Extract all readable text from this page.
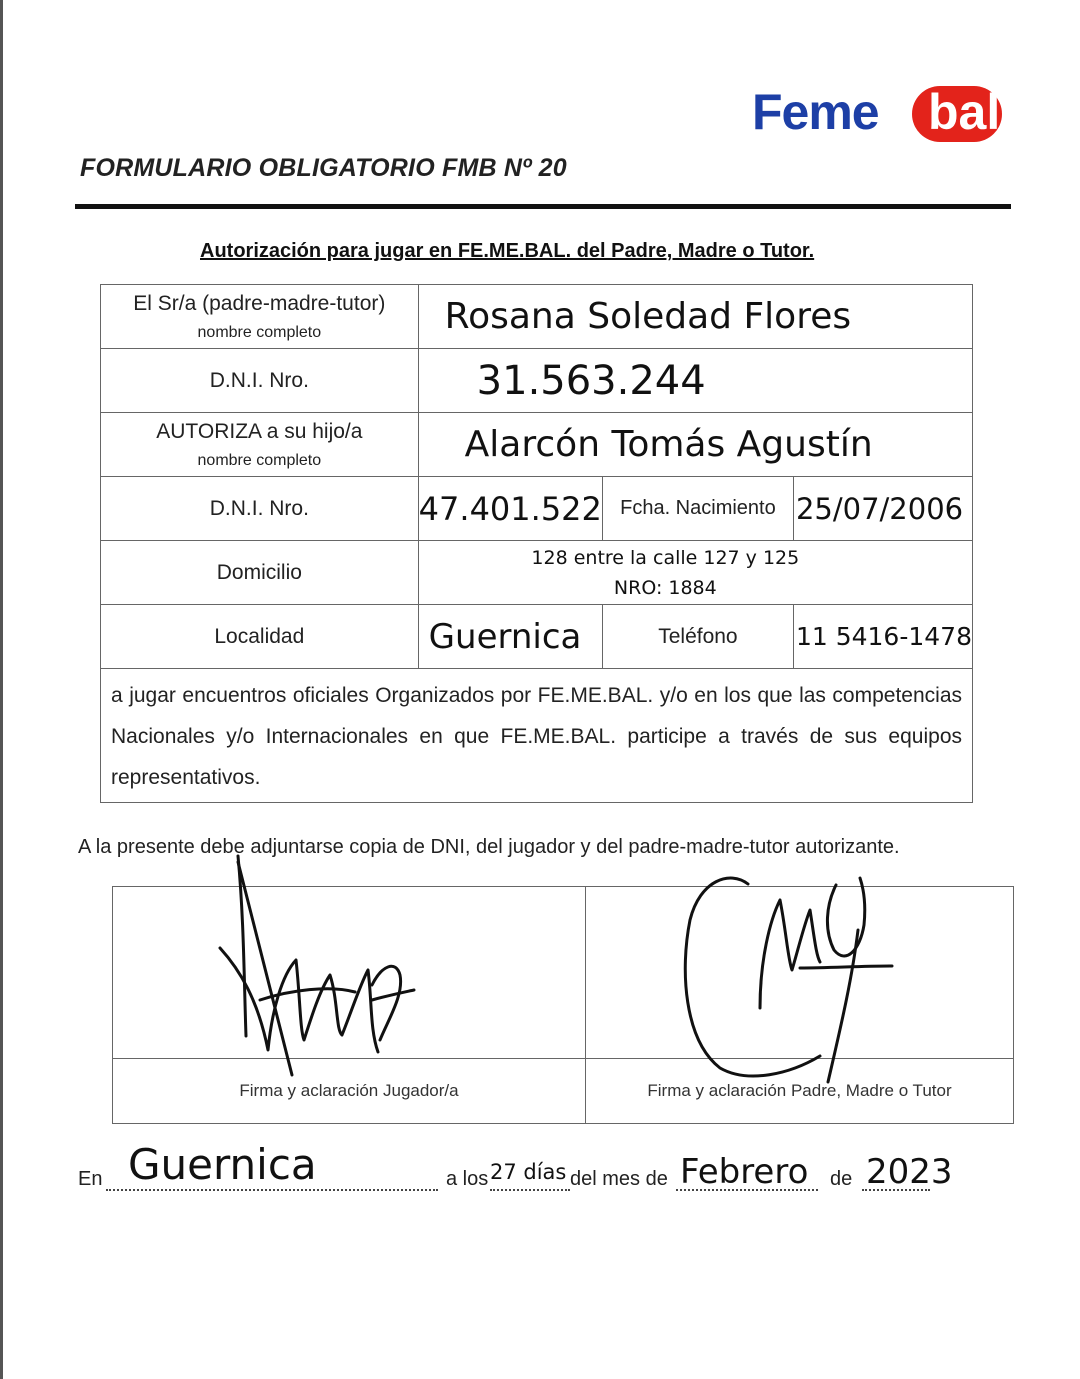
Feme bal
FORMULARIO OBLIGATORIO FMB Nº 20
Autorización para jugar en FE.ME.BAL. del Padre, Madre o Tutor.
El Sr/a (padre-madre-tutor)
nombre completo	Rosana Soledad Flores		
D.N.I. Nro.	31.563.244		
AUTORIZA a su hijo/a
nombre completo	Alarcón Tomás Agustín		
D.N.I. Nro.	47.401.522	Fcha. Nacimiento	25/07/2006
Domicilio	128 entre la calle 127 y 125
NRO: 1884		

Localidad	Guernica	Teléfono	11 5416-1478
a jugar encuentros oficiales Organizados por FE.ME.BAL. y/o en los que las competencias Nacionales y/o Internacionales en que FE.ME.BAL. participe a través de sus equipos representativos.			
A la presente debe adjuntarse copia de DNI, del jugador y del padre-madre-tutor autorizante.

Firma y aclaración Jugador/a	Firma y aclaración Padre, Madre o Tutor
En Guernica	a los 27 días del mes de Febrero de 2023
